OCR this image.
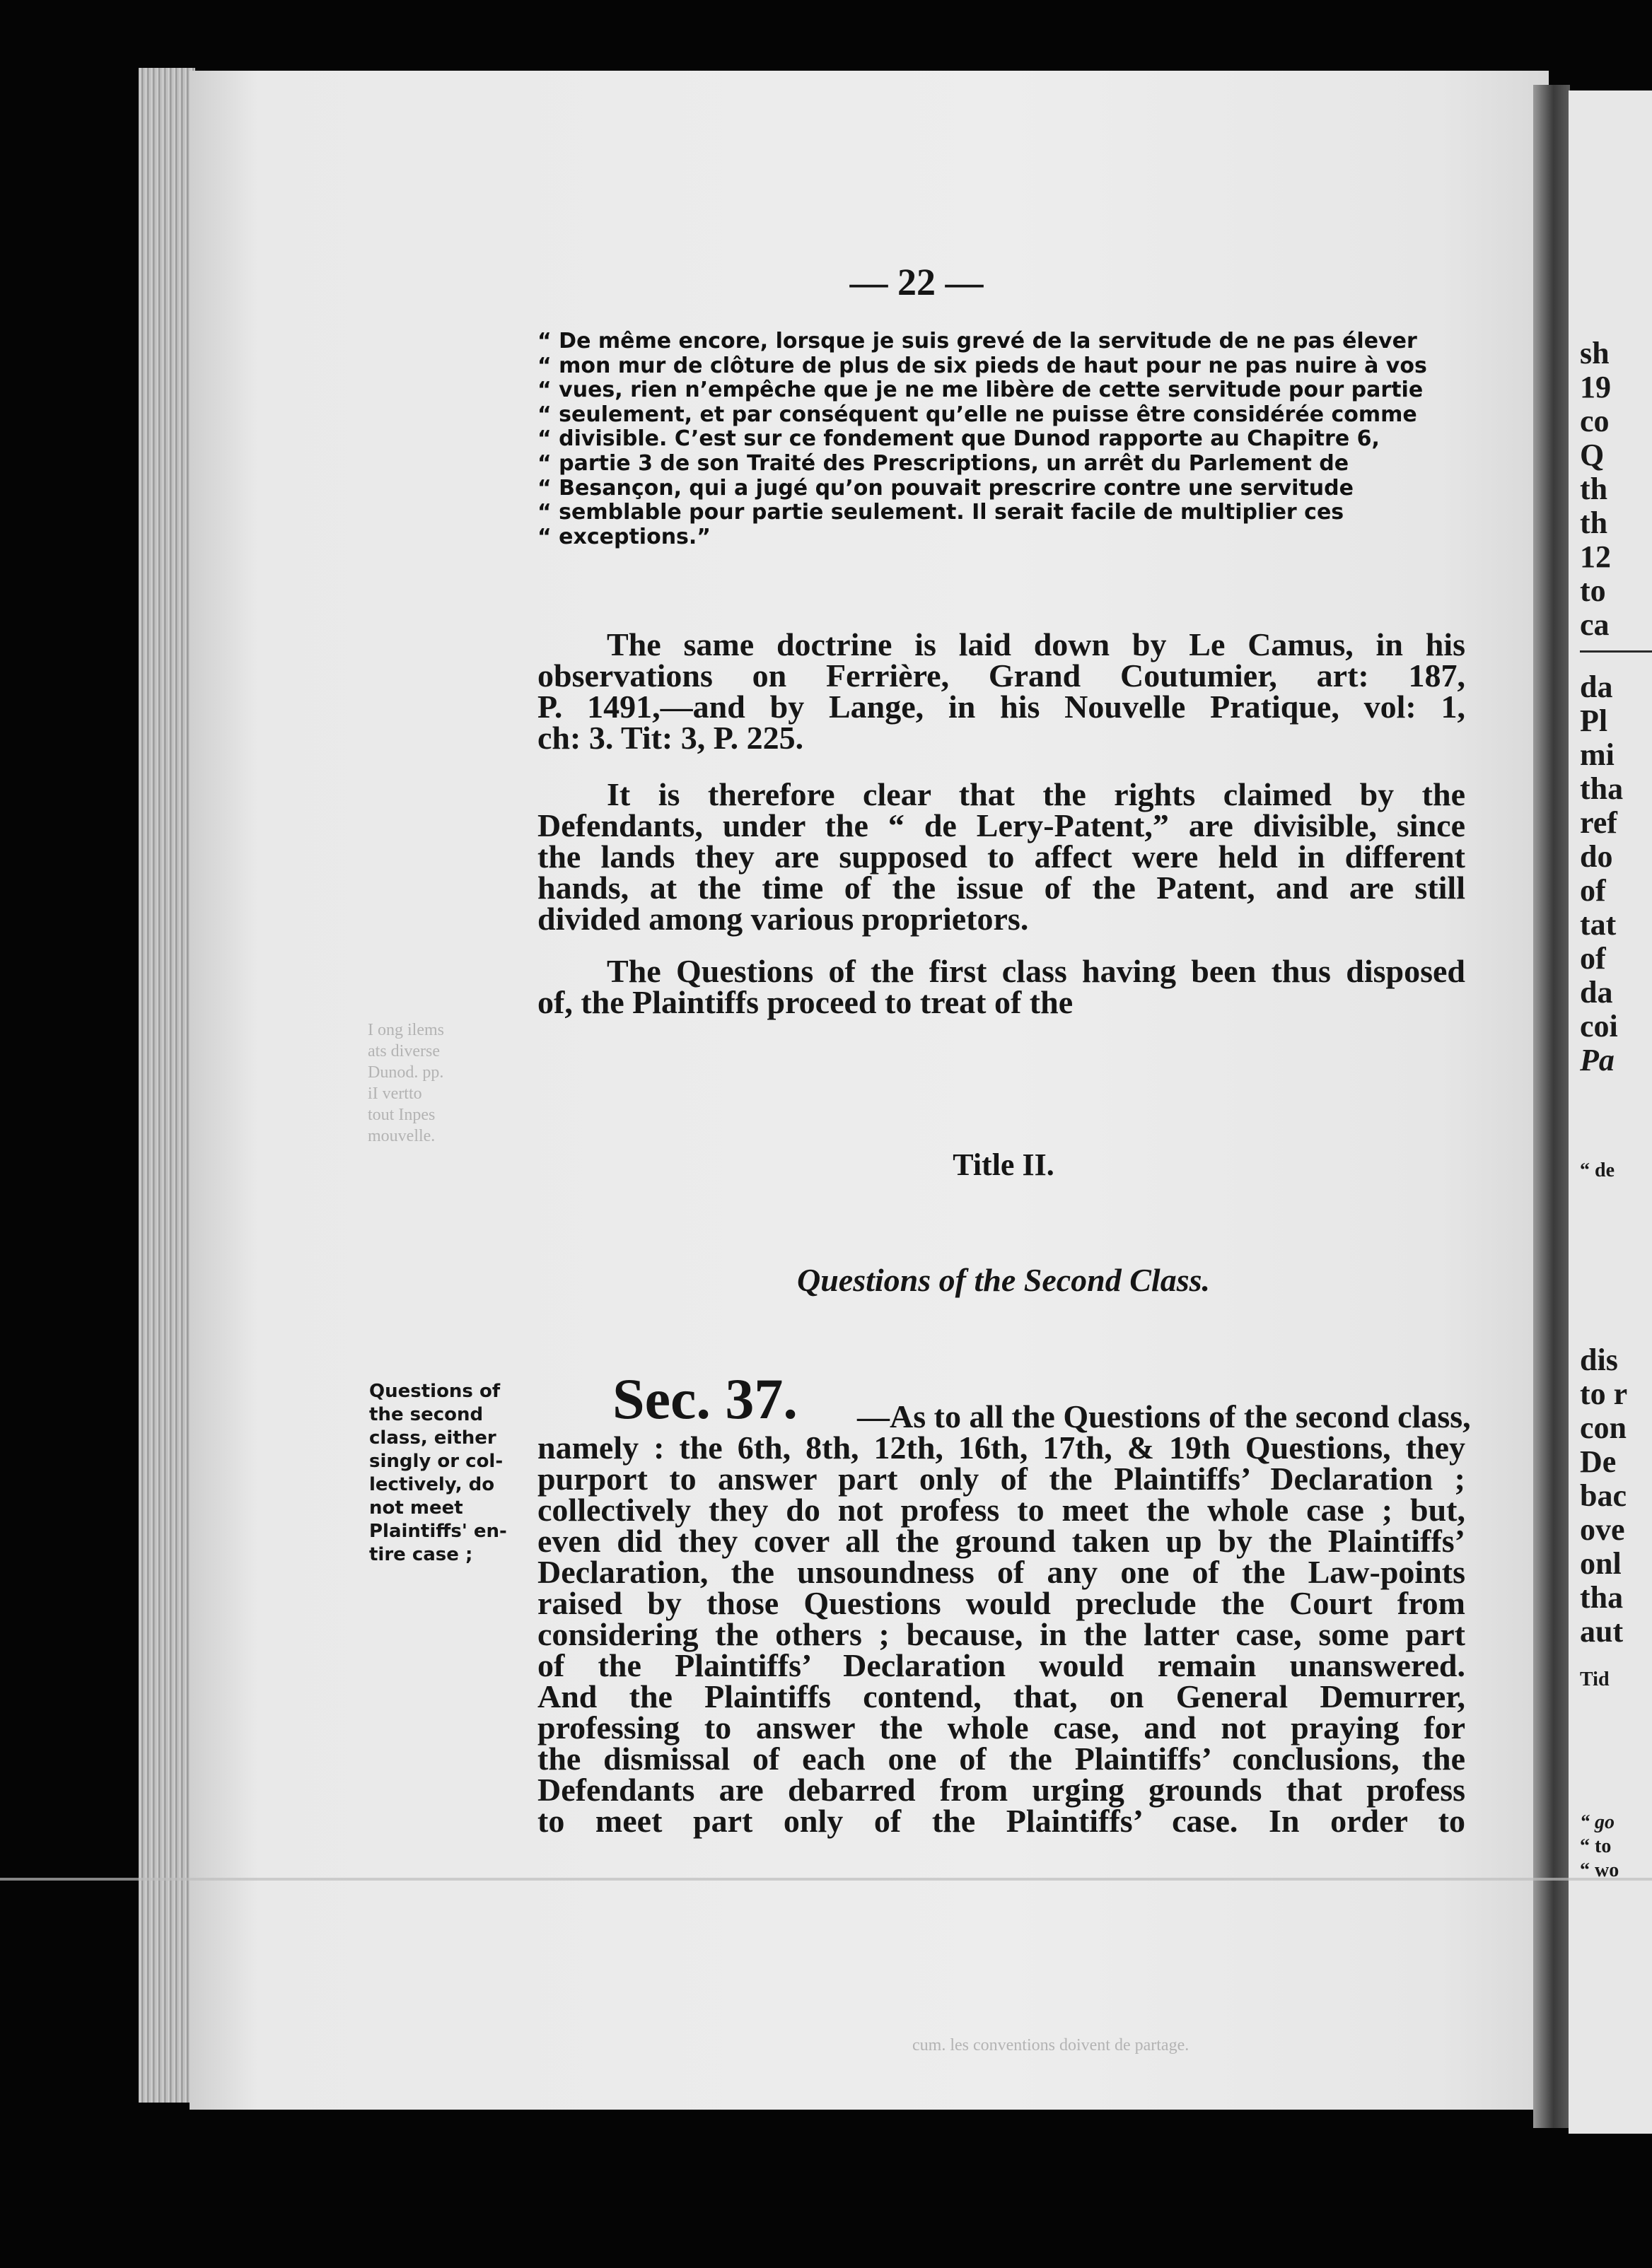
I ong ilems
ats diverse
Dunod. pp.
iI vertto
tout Inpes
mouvelle.
cum. les conventions doivent de partage.
— 22 —
“ De même encore, lorsque je suis grevé de la servitude de ne pas élever
“ mon mur de clôture de plus de six pieds de haut pour ne pas nuire à vos
“ vues, rien n’empêche que je ne me libère de cette servitude pour partie
“ seulement, et par conséquent qu’elle ne puisse être considérée comme
“ divisible. C’est sur ce fondement que Dunod rapporte au Chapitre 6,
“ partie 3 de son Traité des Prescriptions, un arrêt du Parlement de
“ Besançon, qui a jugé qu’on pouvait prescrire contre une servitude
“ semblable pour partie seulement. Il serait facile de multiplier ces
“ exceptions.”
The same doctrine is laid down by Le Camus, in his
observations on Ferrière, Grand Coutumier, art: 187,
P. 1491,—and by Lange, in his Nouvelle Pratique, vol: 1,
ch: 3. Tit: 3, P. 225.
It is therefore clear that the rights claimed by the
Defendants, under the “ de Lery-Patent,” are divisible, since
the lands they are supposed to affect were held in different
hands, at the time of the issue of the Patent, and are still
divided among various proprietors.
The Questions of the first class having been thus disposed
of, the Plaintiffs proceed to treat of the
Title II.
Questions of the Second Class.
Questions of
the second
class, either
singly or col-
lectively, do
not meet
Plaintiffs' en-
tire case ;
Sec. 37. —As to all the Questions of the second class,
namely : the 6th, 8th, 12th, 16th, 17th, & 19th Questions, they
purport to answer part only of the Plaintiffs’ Declaration ;
collectively they do not profess to meet the whole case ; but,
even did they cover all the ground taken up by the Plaintiffs’
Declaration, the unsoundness of any one of the Law-points
raised by those Questions would preclude the Court from
considering the others ; because, in the latter case, some part
of the Plaintiffs’ Declaration would remain unanswered.
And the Plaintiffs contend, that, on General Demurrer,
professing to answer the whole case, and not praying for
the dismissal of each one of the Plaintiffs’ conclusions, the
Defendants are debarred from urging grounds that profess
to meet part only of the Plaintiffs’ case. In order to
sh
19
co
Q
th
th
12
to
ca
da
Pl
mi
tha
ref
do
of
tat
of
da
coi
Pa
“ de
dis
to r
con
De
bac
ove
onl
tha
aut
Tid
“ go
“ to
“ wo
